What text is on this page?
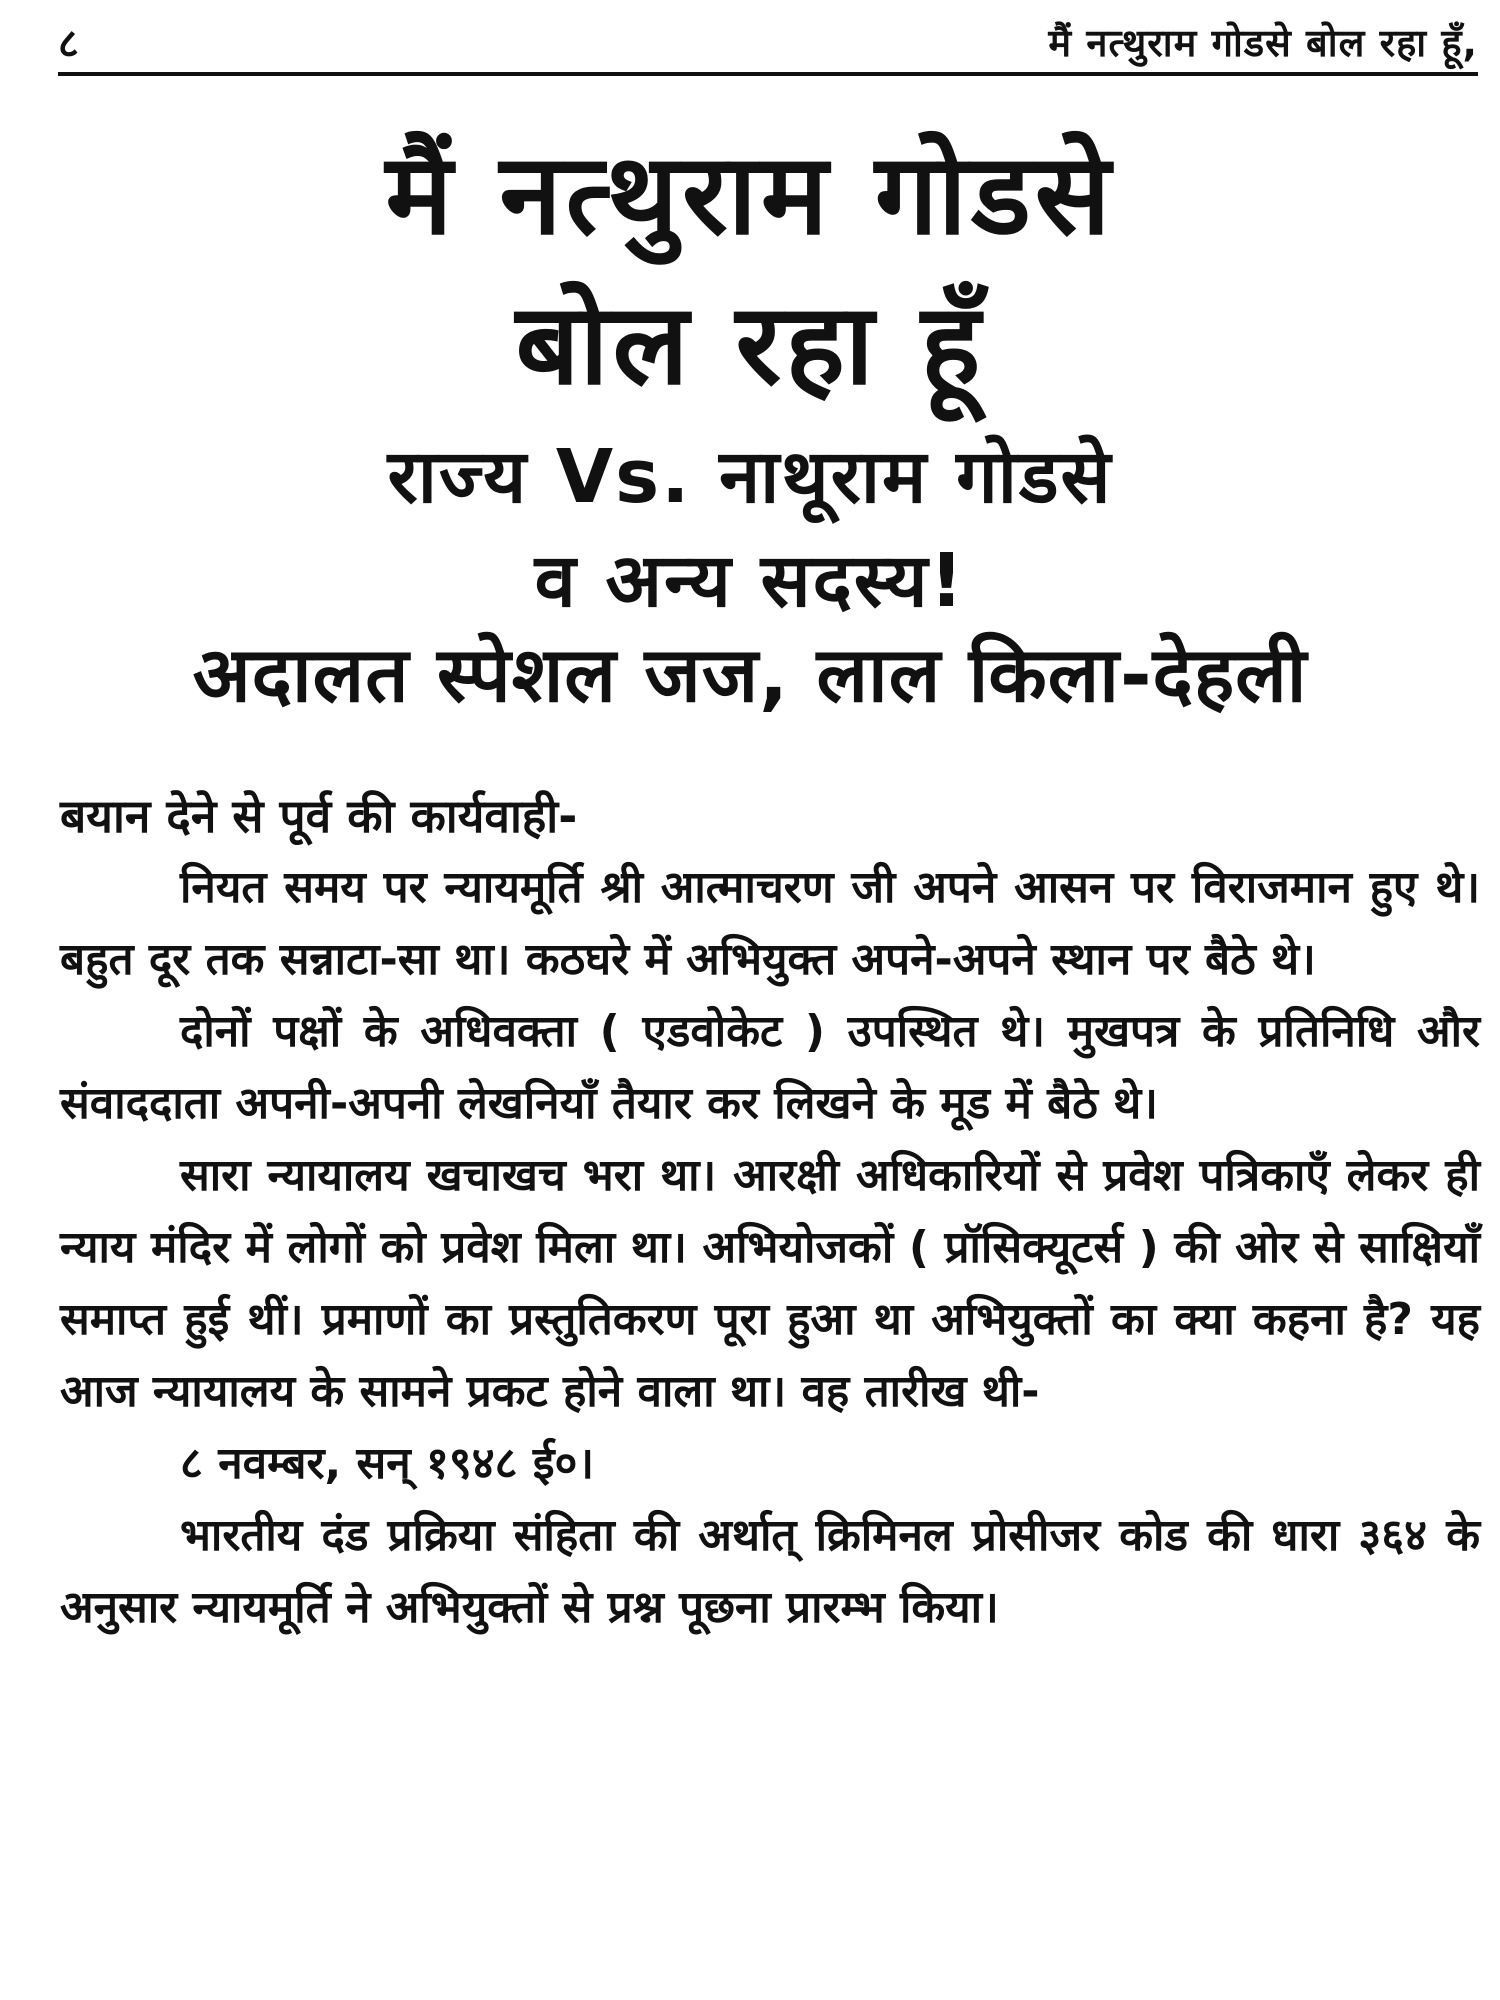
८	मैं नत्थुराम गोडसे बोल रहा हूँ,
मैं नत्थुराम गोडसे
बोल रहा हूँ
राज्य Vs. नाथूराम गोडसे
व अन्य सदस्य!
अदालत स्पेशल जज, लाल किला-देहली

बयान देने से पूर्व की कार्यवाही-

नियत समय पर न्यायमूर्ति श्री आत्माचरण जी अपने आसन पर विराजमान हुए थे। बहुत दूर तक सन्नाटा-सा था। कठघरे में अभियुक्त अपने-अपने स्थान पर बैठे थे।

दोनों पक्षों के अधिवक्ता ( एडवोकेट ) उपस्थित थे। मुखपत्र के प्रतिनिधि और संवाददाता अपनी-अपनी लेखनियाँ तैयार कर लिखने के मूड में बैठे थे।

सारा न्यायालय खचाखच भरा था। आरक्षी अधिकारियों से प्रवेश पत्रिकाएँ लेकर ही न्याय मंदिर में लोगों को प्रवेश मिला था। अभियोजकों ( प्रॉसिक्यूटर्स ) की ओर से साक्षियाँ समाप्त हुई थीं। प्रमाणों का प्रस्तुतिकरण पूरा हुआ था अभियुक्तों का क्या कहना है? यह आज न्यायालय के सामने प्रकट होने वाला था। वह तारीख थी-

८ नवम्बर, सन् १९४८ ई०।

भारतीय दंड प्रक्रिया संहिता की अर्थात् क्रिमिनल प्रोसीजर कोड की धारा ३६४ के अनुसार न्यायमूर्ति ने अभियुक्तों से प्रश्न पूछना प्रारम्भ किया।
